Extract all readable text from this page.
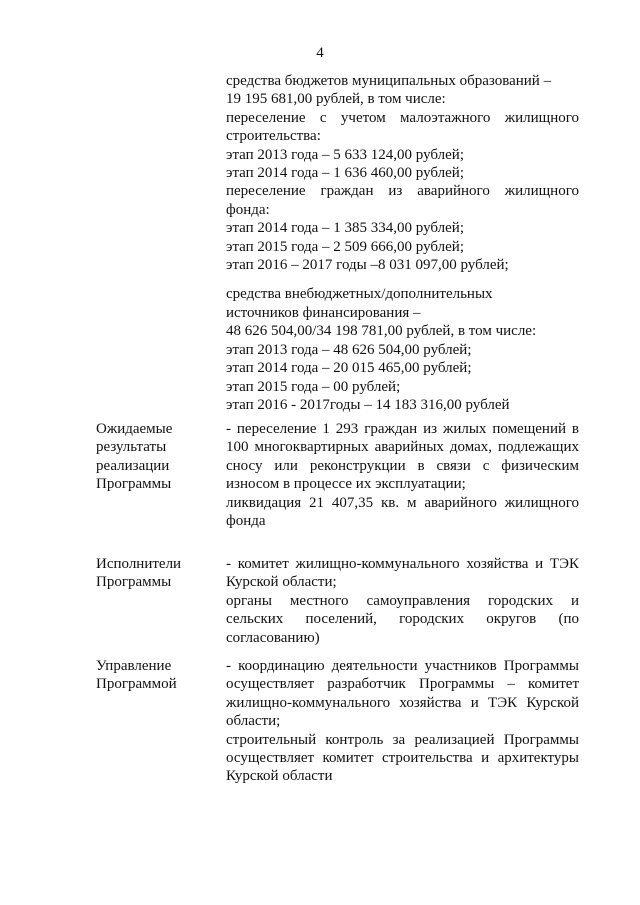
4
средства бюджетов муниципальных образований –
19 195 681,00 рублей, в том числе:
переселение с учетом малоэтажного жилищного
строительства:
этап 2013 года – 5 633 124,00 рублей;
этап 2014 года – 1 636 460,00 рублей;
переселение граждан из аварийного жилищного
фонда:
этап 2014 года – 1 385 334,00 рублей;
этап 2015 года – 2 509 666,00 рублей;
этап 2016 – 2017 годы –8 031 097,00 рублей;
средства внебюджетных/дополнительных
источников финансирования –
48 626 504,00/34 198 781,00 рублей, в том числе:
этап 2013 года – 48 626 504,00 рублей;
этап 2014 года – 20 015 465,00 рублей;
этап 2015 года – 00 рублей;
этап 2016 - 2017годы – 14 183 316,00 рублей
Ожидаемые
результаты
реализации
Программы
- переселение 1 293 граждан из жилых помещений в
100 многоквартирных аварийных домах, подлежащих
сносу или реконструкции в связи с физическим
износом в процессе их эксплуатации;
ликвидация 21 407,35 кв. м аварийного жилищного
фонда
Исполнители
Программы
- комитет жилищно-коммунального хозяйства и ТЭК
Курской области;
органы местного самоуправления городских и
сельских поселений, городских округов (по
согласованию)
Управление
Программой
- координацию деятельности участников Программы
осуществляет разработчик Программы – комитет
жилищно-коммунального хозяйства и ТЭК Курской
области;
строительный контроль за реализацией Программы
осуществляет комитет строительства и архитектуры
Курской области
